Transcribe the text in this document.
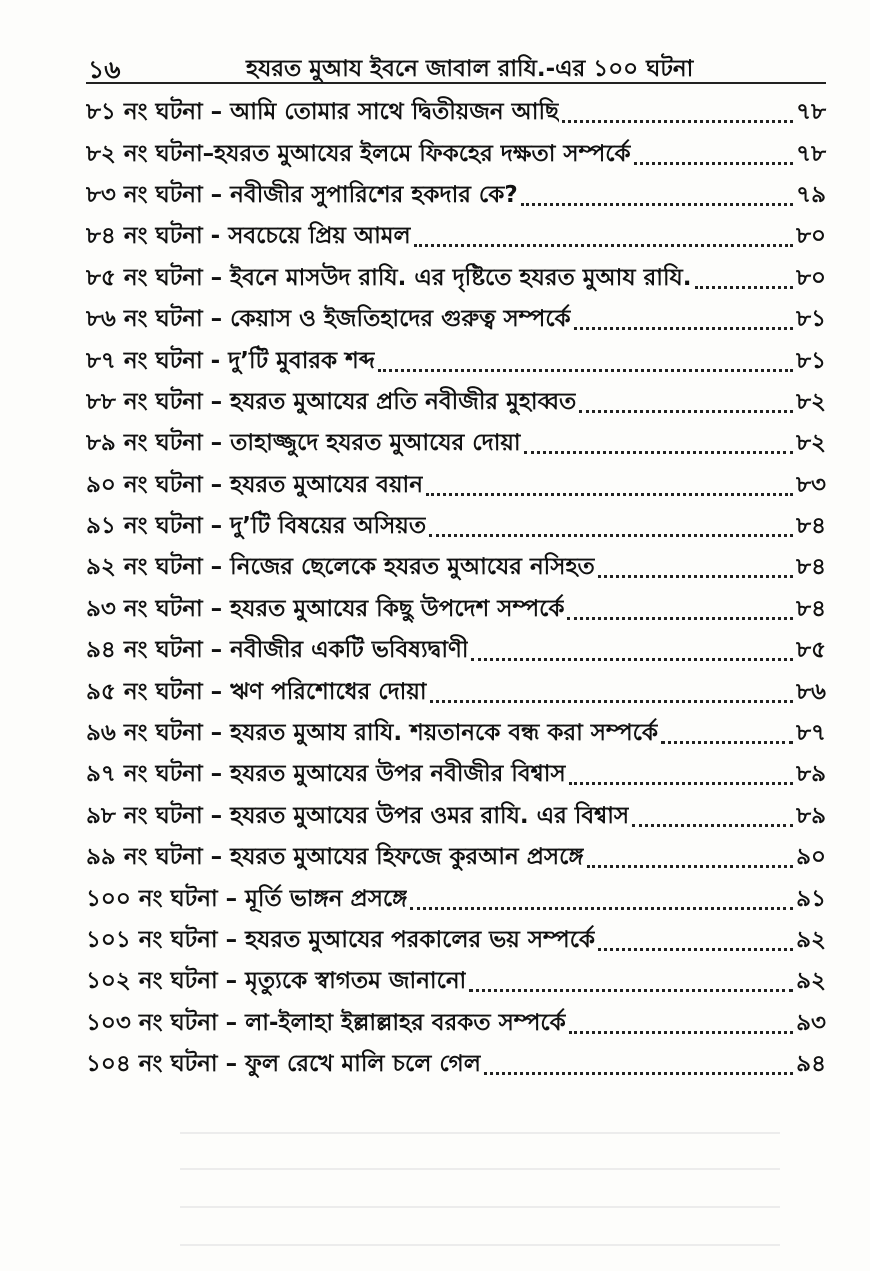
১৬	হযরত মুআয ইবনে জাবাল রাযি.-এর ১০০ ঘটনা
৮১ নং ঘটনা – আমি তোমার সাথে দ্বিতীয়জন আছি	৭৮
৮২ নং ঘটনা–হযরত মুআযের ইলমে ফিকহের দক্ষতা সম্পর্কে	৭৮
৮৩ নং ঘটনা – নবীজীর সুপারিশের হকদার কে?	৭৯
৮৪ নং ঘটনা - সবচেয়ে প্রিয় আমল	৮০
৮৫ নং ঘটনা – ইবনে মাসউদ রাযি. এর দৃষ্টিতে হযরত মুআয রাযি.	৮০
৮৬ নং ঘটনা – কেয়াস ও ইজতিহাদের গুরুত্ব সম্পর্কে	৮১
৮৭ নং ঘটনা - দু’টি মুবারক শব্দ	৮১
৮৮ নং ঘটনা – হযরত মুআযের প্রতি নবীজীর মুহাব্বত	৮২
৮৯ নং ঘটনা – তাহাজ্জুদে হযরত মুআযের দোয়া	৮২
৯০ নং ঘটনা – হযরত মুআযের বয়ান	৮৩
৯১ নং ঘটনা – দু’টি বিষয়ের অসিয়ত	৮৪
৯২ নং ঘটনা – নিজের ছেলেকে হযরত মুআযের নসিহত	৮৪
৯৩ নং ঘটনা – হযরত মুআযের কিছু উপদেশ সম্পর্কে	৮৪
৯৪ নং ঘটনা – নবীজীর একটি ভবিষ্যদ্বাণী	৮৫
৯৫ নং ঘটনা – ঋণ পরিশোধের দোয়া	৮৬
৯৬ নং ঘটনা – হযরত মুআয রাযি. শয়তানকে বন্ধ করা সম্পর্কে	৮৭
৯৭ নং ঘটনা – হযরত মুআযের উপর নবীজীর বিশ্বাস	৮৯
৯৮ নং ঘটনা – হযরত মুআযের উপর ওমর রাযি. এর বিশ্বাস	৮৯
৯৯ নং ঘটনা – হযরত মুআযের হিফজে কুরআন প্রসঙ্গে	৯০
১০০ নং ঘটনা – মূর্তি ভাঙ্গন প্রসঙ্গে	৯১
১০১ নং ঘটনা – হযরত মুআযের পরকালের ভয় সম্পর্কে	৯২
১০২ নং ঘটনা – মৃত্যুকে স্বাগতম জানানো	৯২
১০৩ নং ঘটনা – লা-ইলাহা ইল্লাল্লাহর বরকত সম্পর্কে	৯৩
১০৪ নং ঘটনা – ফুল রেখে মালি চলে গেল	৯৪
